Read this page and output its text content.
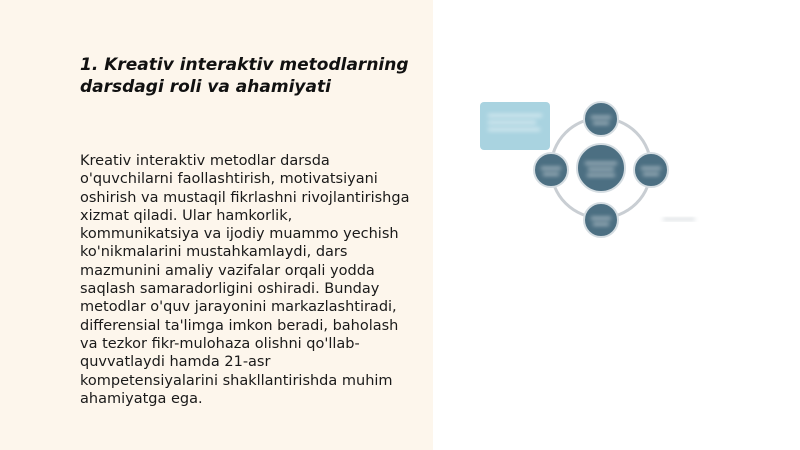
1. Kreativ interaktiv metodlarning darsdagi roli va ahamiyati

Kreativ interaktiv metodlar darsda o'quvchilarni faollashtirish, motivatsiyani oshirish va mustaqil fikrlashni rivojlantirishga xizmat qiladi. Ular hamkorlik, kommunikatsiya va ijodiy muammo yechish ko'nikmalarini mustahkamlaydi, dars mazmunini amaliy vazifalar orqali yodda saqlash samaradorligini oshiradi. Bunday metodlar o'quv jarayonini markazlashtiradi, differensial ta'limga imkon beradi, baholash va tezkor fikr-mulohaza olishni qo'llab-quvvatlaydi hamda 21-asr kompetensiyalarini shakllantirishda muhim ahamiyatga ega.
